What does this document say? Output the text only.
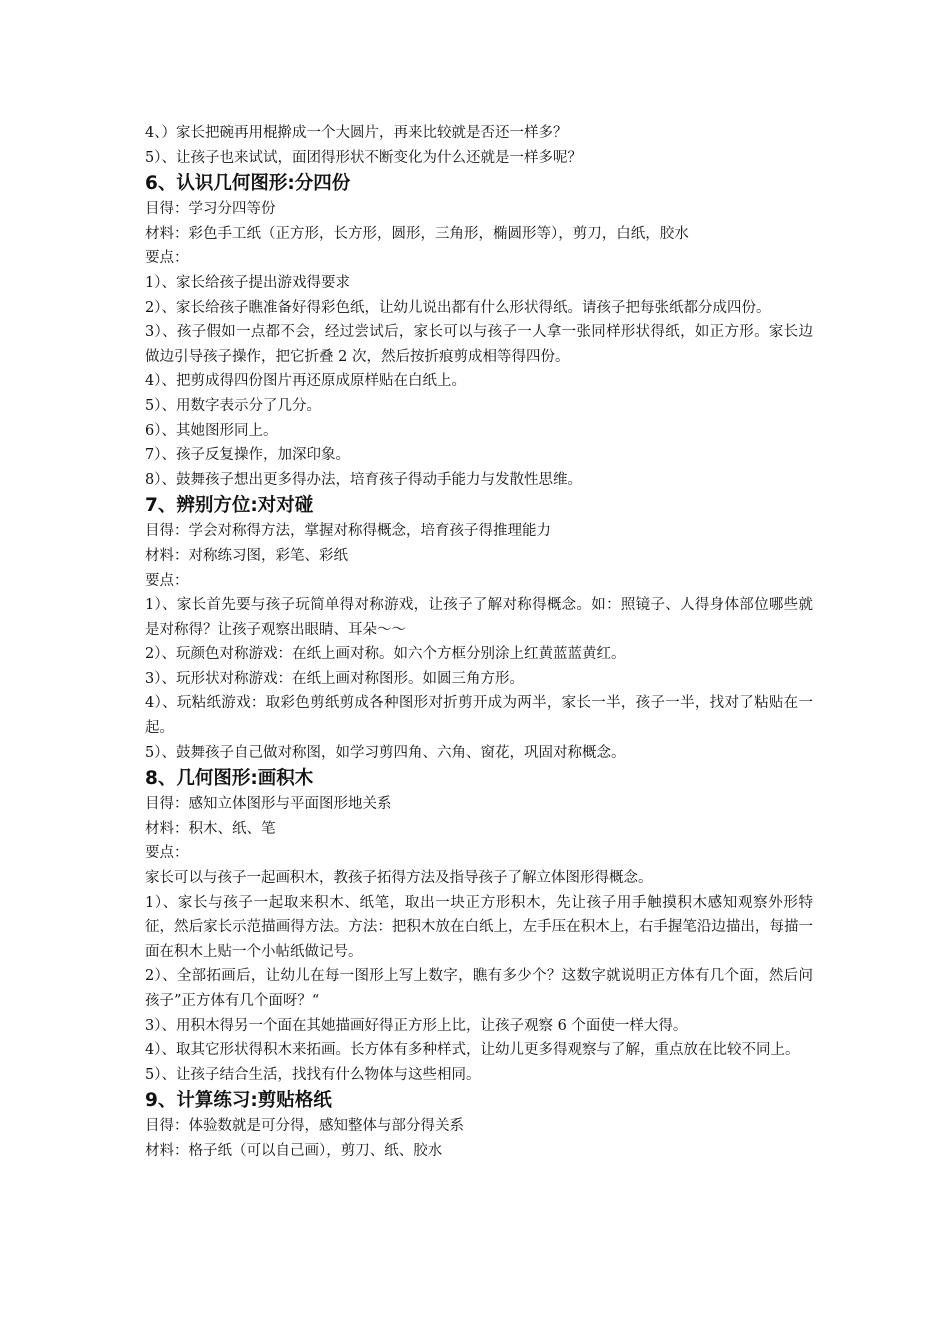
4、）家长把碗再用棍擀成一个大圆片，再来比较就是否还一样多？
5）、让孩子也来试试，面团得形状不断变化为什么还就是一样多呢？
6、认识几何图形:分四份
目得：学习分四等份
材料：彩色手工纸（正方形，长方形，圆形，三角形，椭圆形等），剪刀，白纸，胶水
要点：
1）、家长给孩子提出游戏得要求
2）、家长给孩子瞧准备好得彩色纸，让幼儿说出都有什么形状得纸。请孩子把每张纸都分成四份。
3）、孩子假如一点都不会，经过尝试后，家长可以与孩子一人拿一张同样形状得纸，如正方形。家长边做边引导孩子操作，把它折叠 2 次，然后按折痕剪成相等得四份。
4）、把剪成得四份图片再还原成原样贴在白纸上。
5）、用数字表示分了几分。
6）、其她图形同上。
7）、孩子反复操作，加深印象。
8）、鼓舞孩子想出更多得办法，培育孩子得动手能力与发散性思维。
7、辨别方位:对对碰
目得：学会对称得方法，掌握对称得概念，培育孩子得推理能力
材料：对称练习图，彩笔、彩纸
要点：
1）、家长首先要与孩子玩简单得对称游戏，让孩子了解对称得概念。如：照镜子、人得身体部位哪些就是对称得？让孩子观察出眼睛、耳朵～～
2）、玩颜色对称游戏：在纸上画对称。如六个方框分别涂上红黄蓝蓝黄红。
3）、玩形状对称游戏：在纸上画对称图形。如圆三角方形。
4）、玩粘纸游戏：取彩色剪纸剪成各种图形对折剪开成为两半，家长一半，孩子一半，找对了粘贴在一起。
5）、鼓舞孩子自己做对称图，如学习剪四角、六角、窗花，巩固对称概念。
8、几何图形:画积木
目得：感知立体图形与平面图形地关系
材料：积木、纸、笔
要点：
家长可以与孩子一起画积木，教孩子拓得方法及指导孩子了解立体图形得概念。
1）、家长与孩子一起取来积木、纸笔，取出一块正方形积木，先让孩子用手触摸积木感知观察外形特征，然后家长示范描画得方法。方法：把积木放在白纸上，左手压在积木上，右手握笔沿边描出，每描一面在积木上贴一个小帖纸做记号。
2）、全部拓画后，让幼儿在每一图形上写上数字，瞧有多少个？这数字就说明正方体有几个面，然后问孩子”正方体有几个面呀？“
3）、用积木得另一个面在其她描画好得正方形上比，让孩子观察 6 个面使一样大得。
4）、取其它形状得积木来拓画。长方体有多种样式，让幼儿更多得观察与了解，重点放在比较不同上。
5）、让孩子结合生活，找找有什么物体与这些相同。
9、计算练习:剪贴格纸
目得：体验数就是可分得，感知整体与部分得关系
材料：格子纸（可以自己画），剪刀、纸、胶水
